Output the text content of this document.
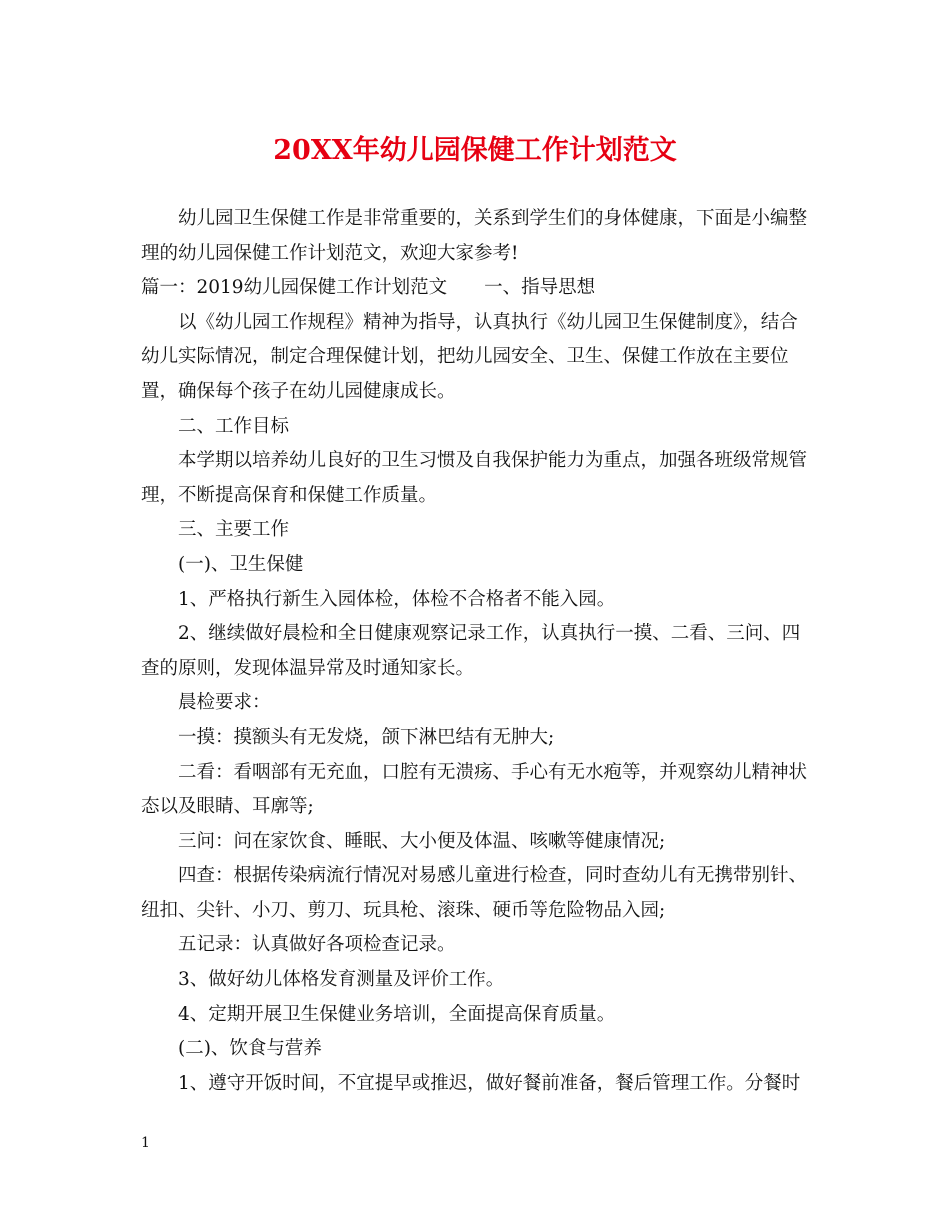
20XX年幼儿园保健工作计划范文

幼儿园卫生保健工作是非常重要的，关系到学生们的身体健康，下面是小编整理的幼儿园保健工作计划范文，欢迎大家参考!

篇一：2019幼儿园保健工作计划范文　　一、指导思想

以《幼儿园工作规程》精神为指导，认真执行《幼儿园卫生保健制度》，结合幼儿实际情况，制定合理保健计划，把幼儿园安全、卫生、保健工作放在主要位置，确保每个孩子在幼儿园健康成长。

二、工作目标

本学期以培养幼儿良好的卫生习惯及自我保护能力为重点，加强各班级常规管理，不断提高保育和保健工作质量。

三、主要工作

(一)、卫生保健

1、严格执行新生入园体检，体检不合格者不能入园。

2、继续做好晨检和全日健康观察记录工作，认真执行一摸、二看、三问、四查的原则，发现体温异常及时通知家长。

晨检要求：

一摸：摸额头有无发烧，颌下淋巴结有无肿大;

二看：看咽部有无充血，口腔有无溃疡、手心有无水疱等，并观察幼儿精神状态以及眼睛、耳廓等;

三问：问在家饮食、睡眠、大小便及体温、咳嗽等健康情况;

四查：根据传染病流行情况对易感儿童进行检查，同时查幼儿有无携带别针、纽扣、尖针、小刀、剪刀、玩具枪、滚珠、硬币等危险物品入园;

五记录：认真做好各项检查记录。

3、做好幼儿体格发育测量及评价工作。

4、定期开展卫生保健业务培训，全面提高保育质量。

(二)、饮食与营养

1、遵守开饭时间，不宜提早或推迟，做好餐前准备，餐后管理工作。分餐时

1
